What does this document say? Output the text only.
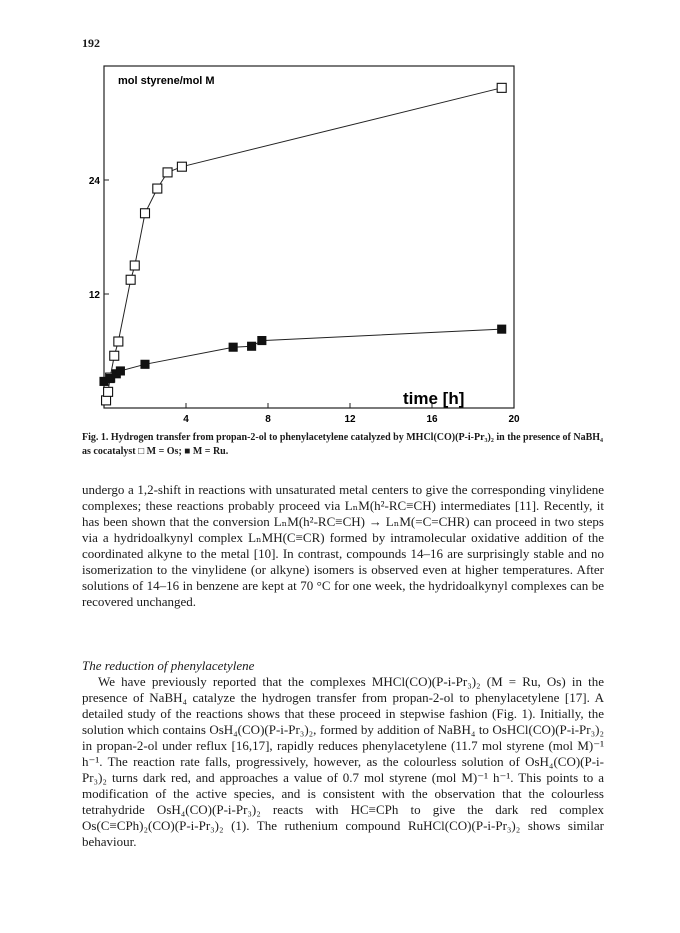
192
4	8	12	16	20
12
24
mol styrene/mol M
time [h]
Fig. 1. Hydrogen transfer from propan-2-ol to phenylacetylene catalyzed by MHCl(CO)(P-i-Pr₃)₂ in the presence of NaBH₄ as cocatalyst □ M = Os; ■ M = Ru.

undergo a 1,2-shift in reactions with unsaturated metal centers to give the corresponding vinylidene complexes; these reactions probably proceed via LₙM(h²-RC≡CH) intermediates [11]. Recently, it has been shown that the conversion LₙM(h²-RC≡CH) → LₙM(=C=CHR) can proceed in two steps via a hydridoalkynyl complex LₙMH(C≡CR) formed by intramolecular oxidative addition of the coordinated alkyne to the metal [10]. In contrast, compounds 14–16 are surprisingly stable and no isomerization to the vinylidene (or alkyne) isomers is observed even at higher temperatures. After solutions of 14–16 in benzene are kept at 70 °C for one week, the hydridoalkynyl complexes can be recovered unchanged.

The reduction of phenylacetylene

We have previously reported that the complexes MHCl(CO)(P-i-Pr₃)₂ (M = Ru, Os) in the presence of NaBH₄ catalyze the hydrogen transfer from propan-2-ol to phenylacetylene [17]. A detailed study of the reactions shows that these proceed in stepwise fashion (Fig. 1). Initially, the solution which contains OsH₄(CO)(P-i-Pr₃)₂, formed by addition of NaBH₄ to OsHCl(CO)(P-i-Pr₃)₂ in propan-2-ol under reflux [16,17], rapidly reduces phenylacetylene (11.7 mol styrene (mol M)⁻¹ h⁻¹. The reaction rate falls, progressively, however, as the colourless solution of OsH₄(CO)(P-i-Pr₃)₂ turns dark red, and approaches a value of 0.7 mol styrene (mol M)⁻¹ h⁻¹. This points to a modification of the active species, and is consistent with the observation that the colourless tetrahydride OsH₄(CO)(P-i-Pr₃)₂ reacts with HC≡CPh to give the dark red complex Os(C≡CPh)₂(CO)(P-i-Pr₃)₂ (1). The ruthenium compound RuHCl(CO)(P-i-Pr₃)₂ shows similar behaviour.
